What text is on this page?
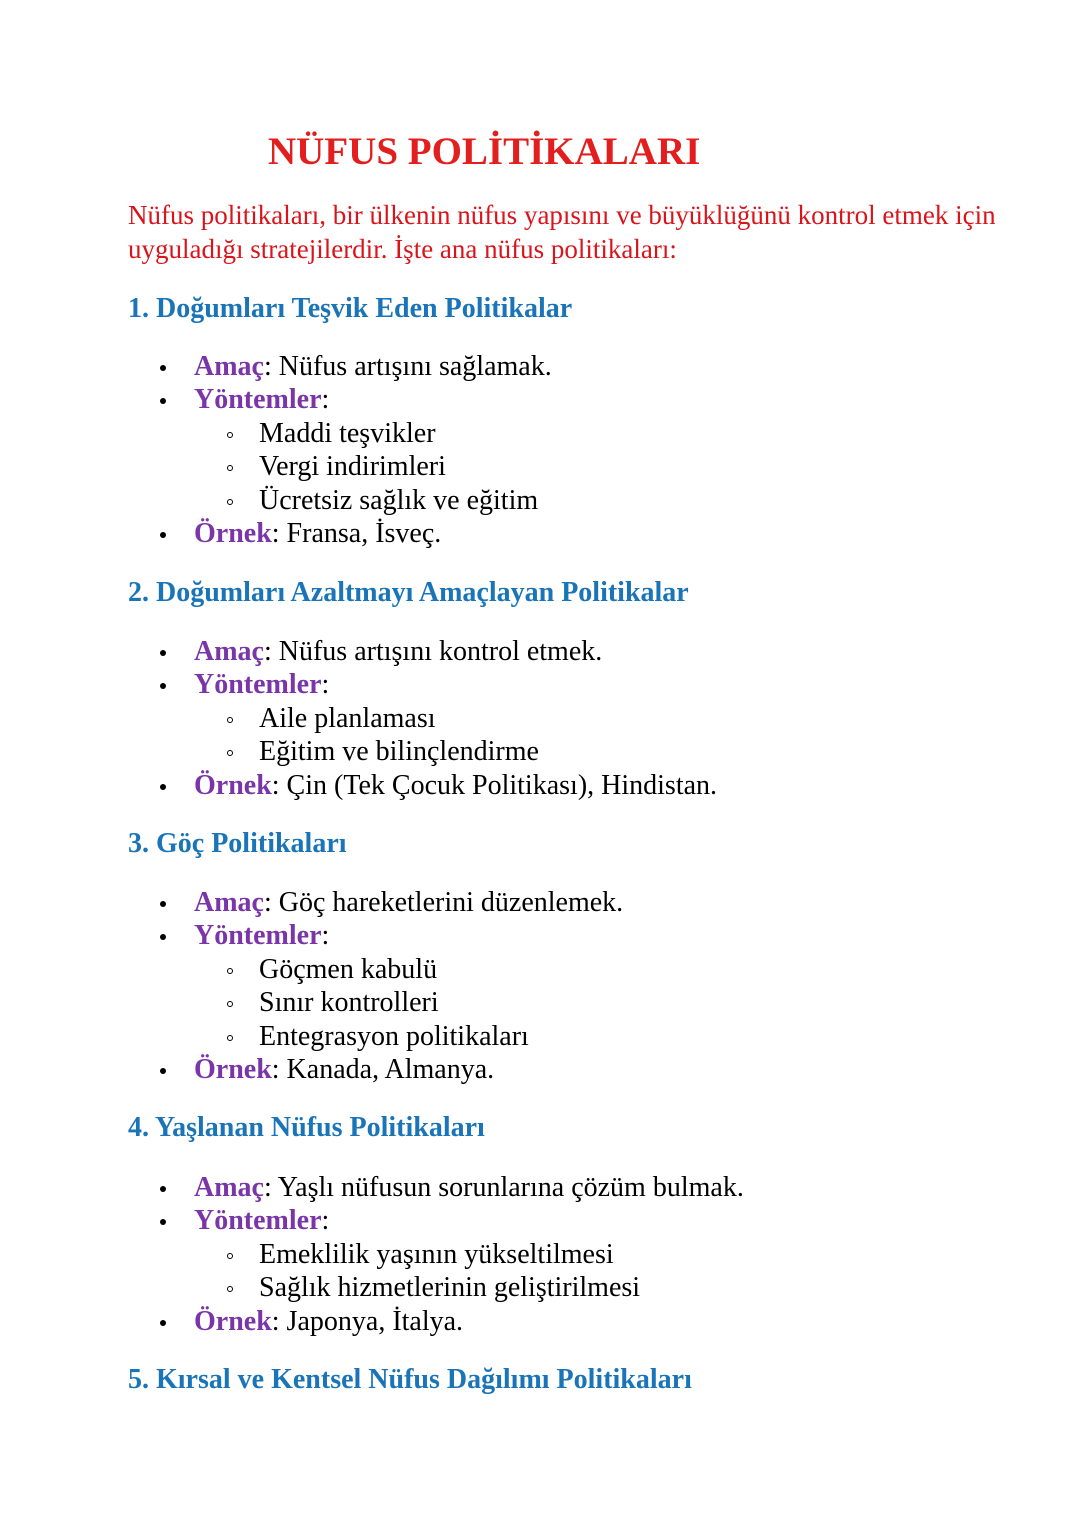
NÜFUS POLİTİKALARI

Nüfus politikaları, bir ülkenin nüfus yapısını ve büyüklüğünü kontrol etmek için uyguladığı stratejilerdir. İşte ana nüfus politikaları:

1. Doğumları Teşvik Eden Politikalar
Amaç: Nüfus artışını sağlamak.
Yöntemler:
Maddi teşvikler
Vergi indirimleri
Ücretsiz sağlık ve eğitim
Örnek: Fransa, İsveç.
2. Doğumları Azaltmayı Amaçlayan Politikalar
Amaç: Nüfus artışını kontrol etmek.
Yöntemler:
Aile planlaması
Eğitim ve bilinçlendirme
Örnek: Çin (Tek Çocuk Politikası), Hindistan.
3. Göç Politikaları
Amaç: Göç hareketlerini düzenlemek.
Yöntemler:
Göçmen kabulü
Sınır kontrolleri
Entegrasyon politikaları
Örnek: Kanada, Almanya.
4. Yaşlanan Nüfus Politikaları
Amaç: Yaşlı nüfusun sorunlarına çözüm bulmak.
Yöntemler:
Emeklilik yaşının yükseltilmesi
Sağlık hizmetlerinin geliştirilmesi
Örnek: Japonya, İtalya.
5. Kırsal ve Kentsel Nüfus Dağılımı Politikaları
